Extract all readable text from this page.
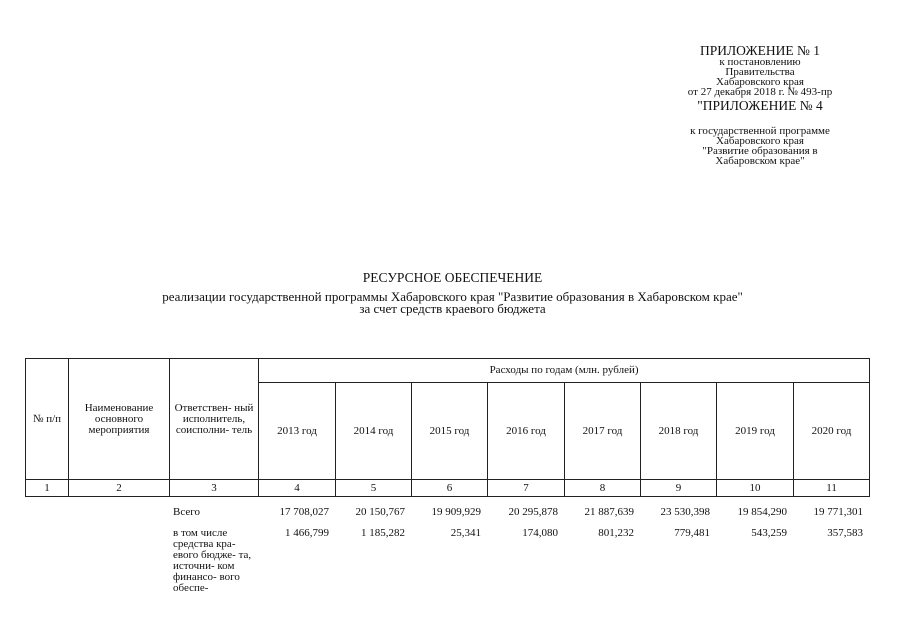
ПРИЛОЖЕНИЕ № 1
к постановлению
Правительства
Хабаровского края
от 27 декабря 2018 г. № 493-пр
"ПРИЛОЖЕНИЕ № 4
к государственной программе
Хабаровского края
"Развитие образования в
Хабаровском крае"
РЕСУРСНОЕ ОБЕСПЕЧЕНИЕ
реализации государственной программы Хабаровского края "Развитие образования в Хабаровском крае"
за счет средств краевого бюджета
№ п/п	Наименование основного мероприятия	Ответствен- ный исполнитель, соисполни- тель	Расходы по годам (млн. рублей)							
			2013 год	2014 год	2015 год	2016 год	2017 год	2018 год	2019 год	2020 год
1	2	3	4	5	6	7	8	9	10	11
		Всего	17 708,027	20 150,767	19 909,929	20 295,878	21 887,639	23 530,398	19 854,290	19 771,301
		в том числе средства кра- евого бюдже- та, источни- ком финансо- вого обеспе-	1 466,799	1 185,282	25,341	174,080	801,232	779,481	543,259	357,583
